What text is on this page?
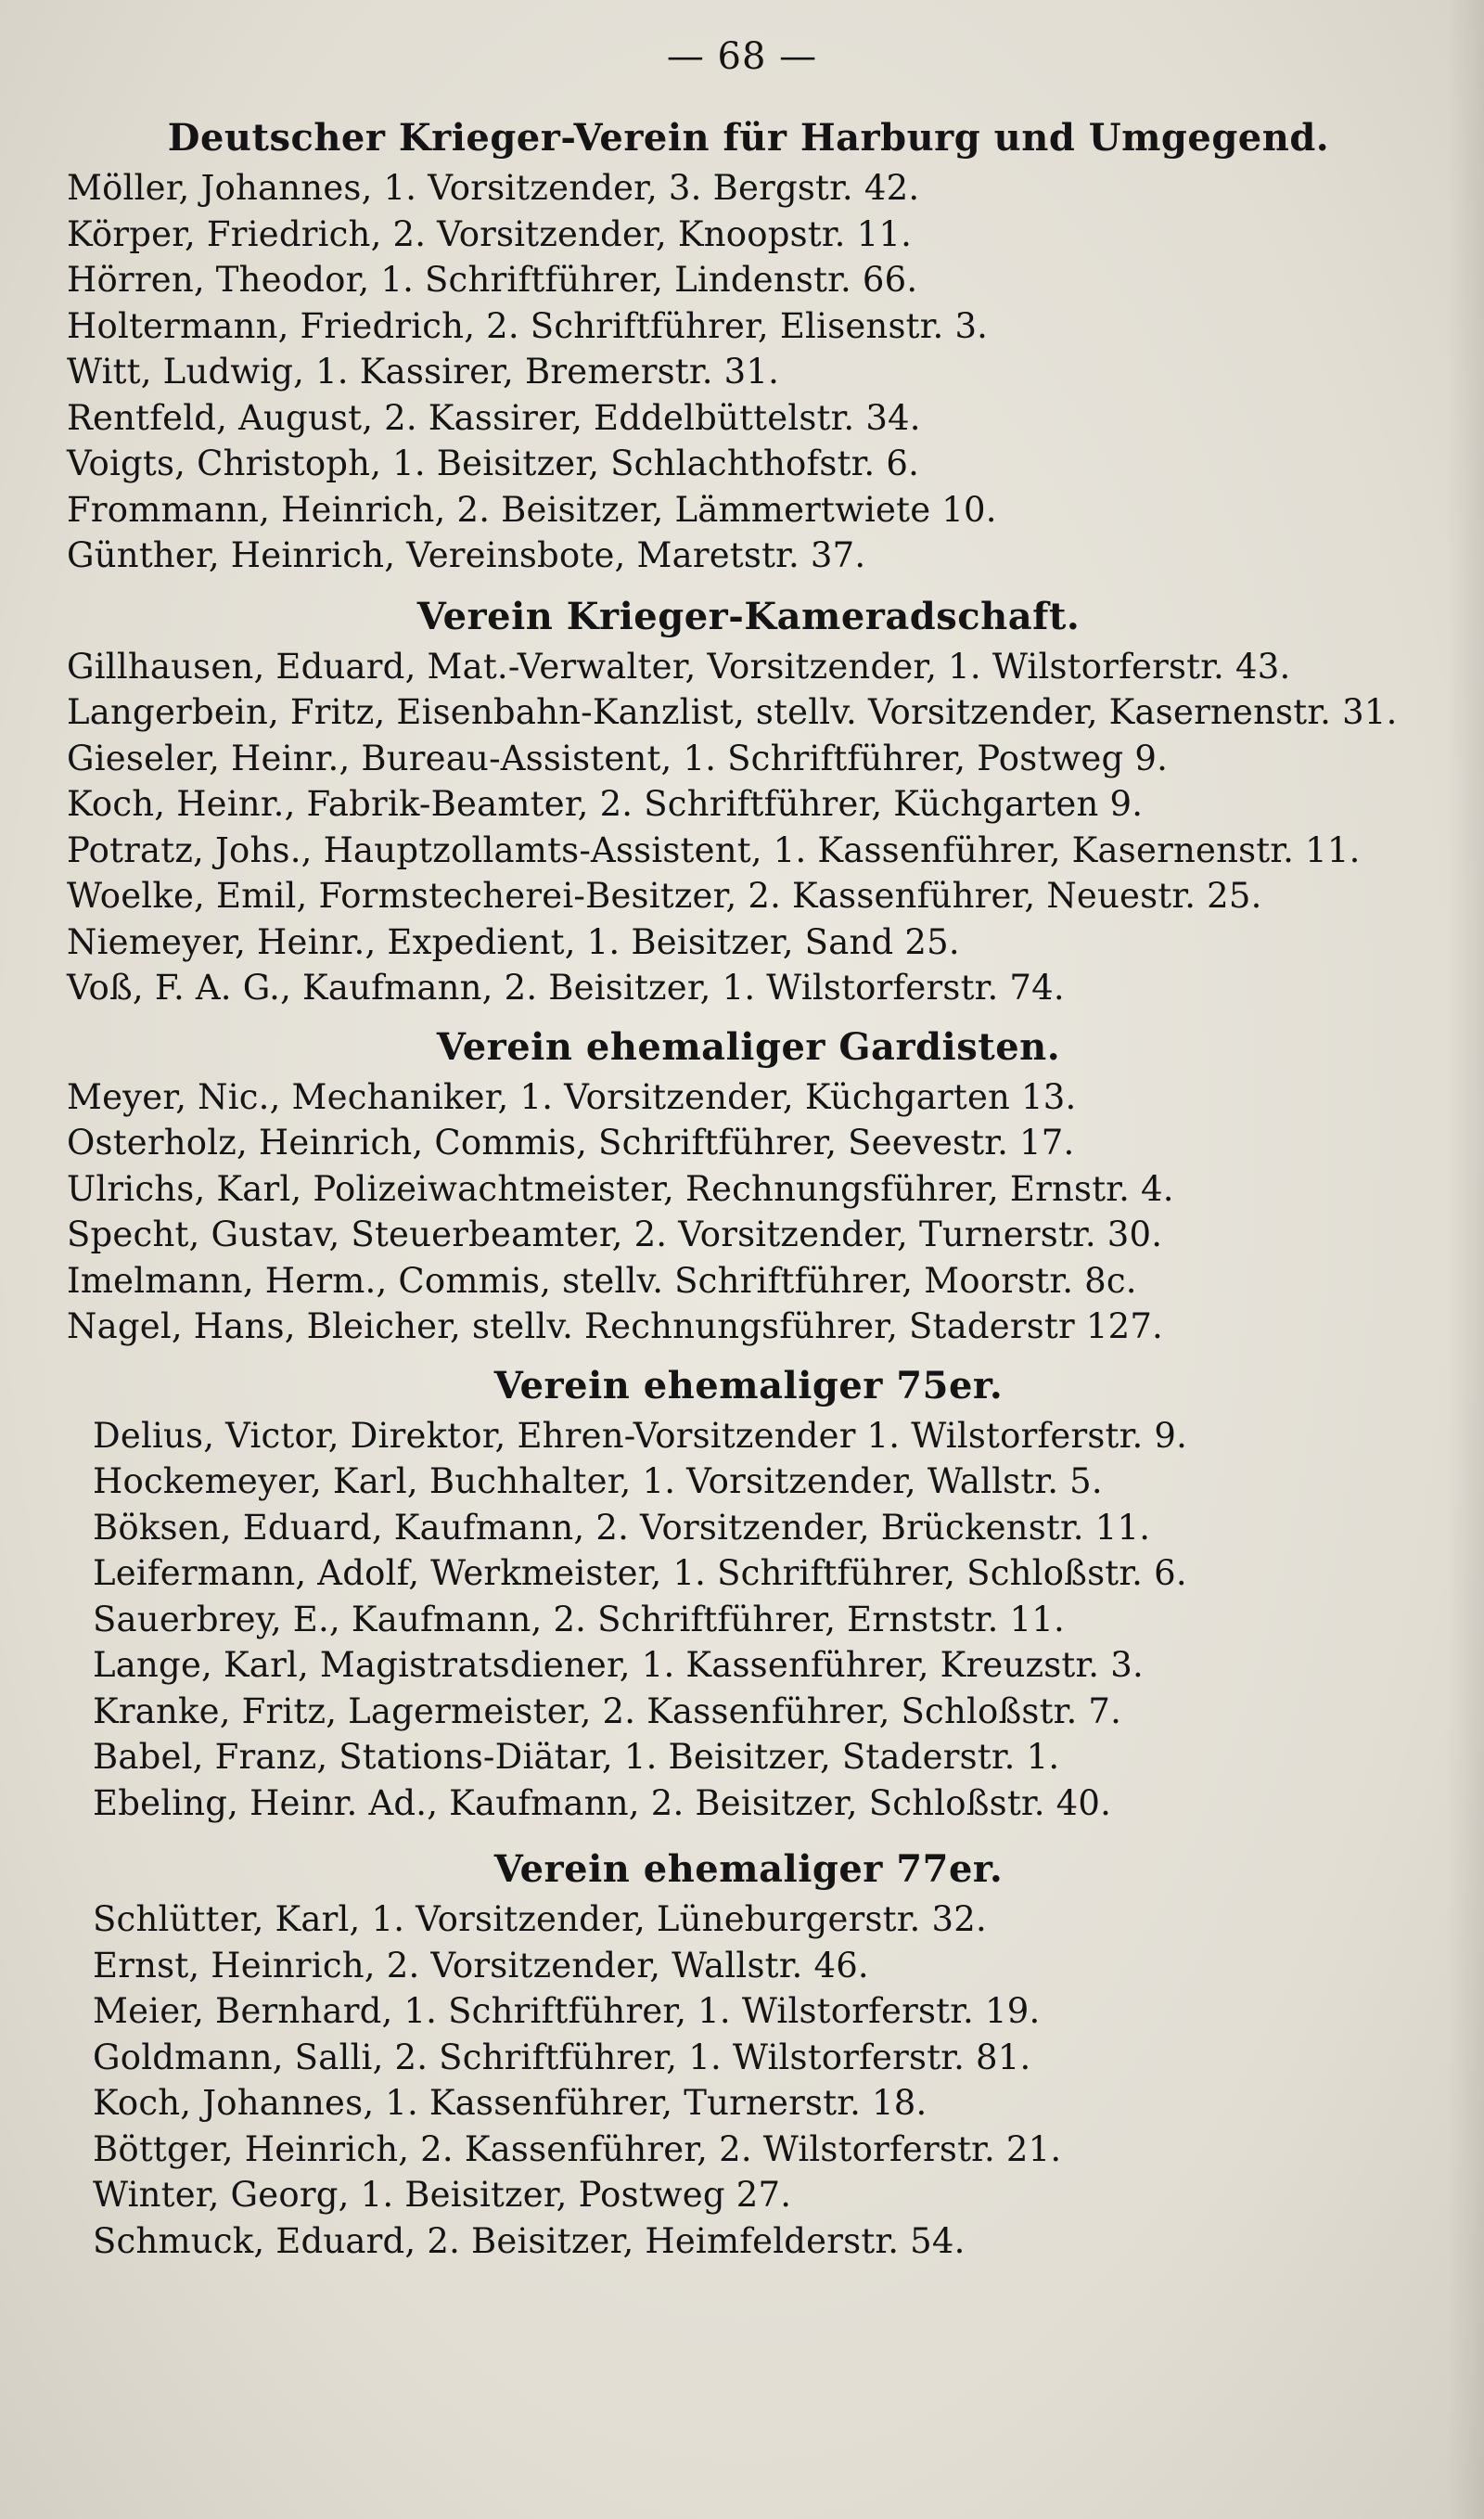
— 68 —
Deutscher Krieger-Verein für Harburg und Umgegend.
Möller, Johannes, 1. Vorsitzender, 3. Bergstr. 42.
Körper, Friedrich, 2. Vorsitzender, Knoopstr. 11.
Hörren, Theodor, 1. Schriftführer, Lindenstr. 66.
Holtermann, Friedrich, 2. Schriftführer, Elisenstr. 3.
Witt, Ludwig, 1. Kassirer, Bremerstr. 31.
Rentfeld, August, 2. Kassirer, Eddelbüttelstr. 34.
Voigts, Christoph, 1. Beisitzer, Schlachthofstr. 6.
Frommann, Heinrich, 2. Beisitzer, Lämmertwiete 10.
Günther, Heinrich, Vereinsbote, Maretstr. 37.
Verein Krieger-Kameradschaft.
Gillhausen, Eduard, Mat.-Verwalter, Vorsitzender, 1. Wilstorferstr. 43.
Langerbein, Fritz, Eisenbahn-Kanzlist, stellv. Vorsitzender, Kasernenstr. 31.
Gieseler, Heinr., Bureau-Assistent, 1. Schriftführer, Postweg 9.
Koch, Heinr., Fabrik-Beamter, 2. Schriftführer, Küchgarten 9.
Potratz, Johs., Hauptzollamts-Assistent, 1. Kassenführer, Kasernenstr. 11.
Woelke, Emil, Formstecherei-Besitzer, 2. Kassenführer, Neuestr. 25.
Niemeyer, Heinr., Expedient, 1. Beisitzer, Sand 25.
Voß, F. A. G., Kaufmann, 2. Beisitzer, 1. Wilstorferstr. 74.
Verein ehemaliger Gardisten.
Meyer, Nic., Mechaniker, 1. Vorsitzender, Küchgarten 13.
Osterholz, Heinrich, Commis, Schriftführer, Seevestr. 17.
Ulrichs, Karl, Polizeiwachtmeister, Rechnungsführer, Ernstr. 4.
Specht, Gustav, Steuerbeamter, 2. Vorsitzender, Turnerstr. 30.
Imelmann, Herm., Commis, stellv. Schriftführer, Moorstr. 8c.
Nagel, Hans, Bleicher, stellv. Rechnungsführer, Staderstr 127.
Verein ehemaliger 75er.
Delius, Victor, Direktor, Ehren-Vorsitzender 1. Wilstorferstr. 9.
Hockemeyer, Karl, Buchhalter, 1. Vorsitzender, Wallstr. 5.
Böksen, Eduard, Kaufmann, 2. Vorsitzender, Brückenstr. 11.
Leifermann, Adolf, Werkmeister, 1. Schriftführer, Schloßstr. 6.
Sauerbrey, E., Kaufmann, 2. Schriftführer, Ernststr. 11.
Lange, Karl, Magistratsdiener, 1. Kassenführer, Kreuzstr. 3.
Kranke, Fritz, Lagermeister, 2. Kassenführer, Schloßstr. 7.
Babel, Franz, Stations-Diätar, 1. Beisitzer, Staderstr. 1.
Ebeling, Heinr. Ad., Kaufmann, 2. Beisitzer, Schloßstr. 40.
Verein ehemaliger 77er.
Schlütter, Karl, 1. Vorsitzender, Lüneburgerstr. 32.
Ernst, Heinrich, 2. Vorsitzender, Wallstr. 46.
Meier, Bernhard, 1. Schriftführer, 1. Wilstorferstr. 19.
Goldmann, Salli, 2. Schriftführer, 1. Wilstorferstr. 81.
Koch, Johannes, 1. Kassenführer, Turnerstr. 18.
Böttger, Heinrich, 2. Kassenführer, 2. Wilstorferstr. 21.
Winter, Georg, 1. Beisitzer, Postweg 27.
Schmuck, Eduard, 2. Beisitzer, Heimfelderstr. 54.
